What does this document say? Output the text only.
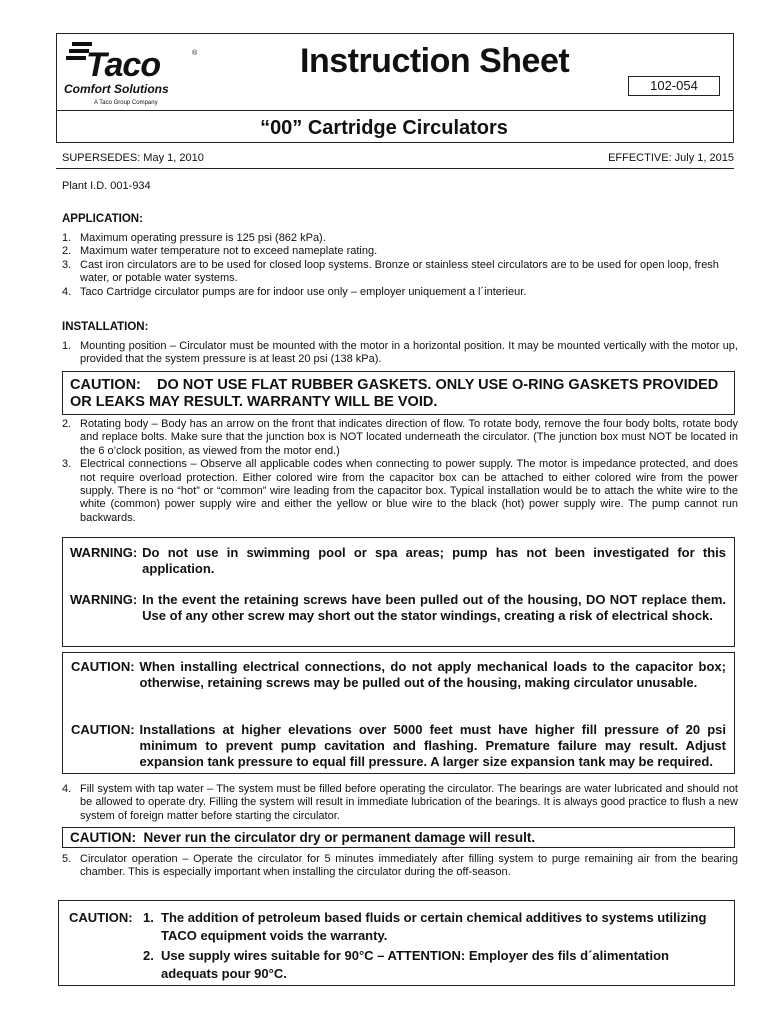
Taco	®
Comfort Solutions
A Taco Group Company
Instruction Sheet
102-054
“00” Cartridge Circulators
SUPERSEDES: May 1, 2010	EFFECTIVE: July 1, 2015
Plant I.D. 001-934
APPLICATION:
1. Maximum operating pressure is 125 psi (862 kPa).
2. Maximum water temperature not to exceed nameplate rating.
3. Cast iron circulators are to be used for closed loop systems. Bronze or stainless steel circulators are to be used for open loop, fresh water, or potable water systems.
4. Taco Cartridge circulator pumps are for indoor use only – employer uniquement a l´interieur.
INSTALLATION:
1. Mounting position – Circulator must be mounted with the motor in a horizontal position. It may be mounted vertically with the motor up, provided that the system pressure is at least 20 psi (138 kPa).
CAUTION:    DO NOT USE FLAT RUBBER GASKETS. ONLY USE O-RING GASKETS PROVIDED OR LEAKS MAY RESULT. WARRANTY WILL BE VOID.
2. Rotating body – Body has an arrow on the front that indicates direction of flow. To rotate body, remove the four body bolts, rotate body and replace bolts. Make sure that the junction box is NOT located underneath the circulator. (The junction box must NOT be located in the 6 o’clock position, as viewed from the motor end.)
3. Electrical connections – Observe all applicable codes when connecting to power supply. The motor is impedance protected, and does not require overload protection. Either colored wire from the capacitor box can be attached to either colored wire from the power supply. There is no “hot” or “common” wire leading from the capacitor box. Typical installation would be to attach the white wire to the white (common) power supply wire and either the yellow or blue wire to the black (hot) power supply wire. The pump cannot run backwards.
WARNING: Do not use in swimming pool or spa areas; pump has not been investigated for this application.
WARNING: In the event the retaining screws have been pulled out of the housing, DO NOT replace them. Use of any other screw may short out the stator windings, creating a risk of electrical shock.
CAUTION: When installing electrical connections, do not apply mechanical loads to the capacitor box; otherwise, retaining screws may be pulled out of the housing, making circulator unusable.
CAUTION: Installations at higher elevations over 5000 feet must have higher fill pressure of 20 psi minimum to prevent pump cavitation and flashing. Premature failure may result. Adjust expansion tank pressure to equal fill pressure. A larger size expansion tank may be required.
4. Fill system with tap water – The system must be filled before operating the circulator. The bearings are water lubricated and should not be allowed to operate dry. Filling the system will result in immediate lubrication of the bearings. It is always good practice to flush a new system of foreign matter before starting the circulator.
CAUTION:  Never run the circulator dry or permanent damage will result.
5. Circulator operation – Operate the circulator for 5 minutes immediately after filling system to purge remaining air from the bearing chamber. This is especially important when installing the circulator during the off-season.
CAUTION: 1. The addition of petroleum based fluids or certain chemical additives to systems utilizing TACO equipment voids the warranty.
2. Use supply wires suitable for 90°C – ATTENTION: Employer des fils d´alimentation adequats pour 90°C.
